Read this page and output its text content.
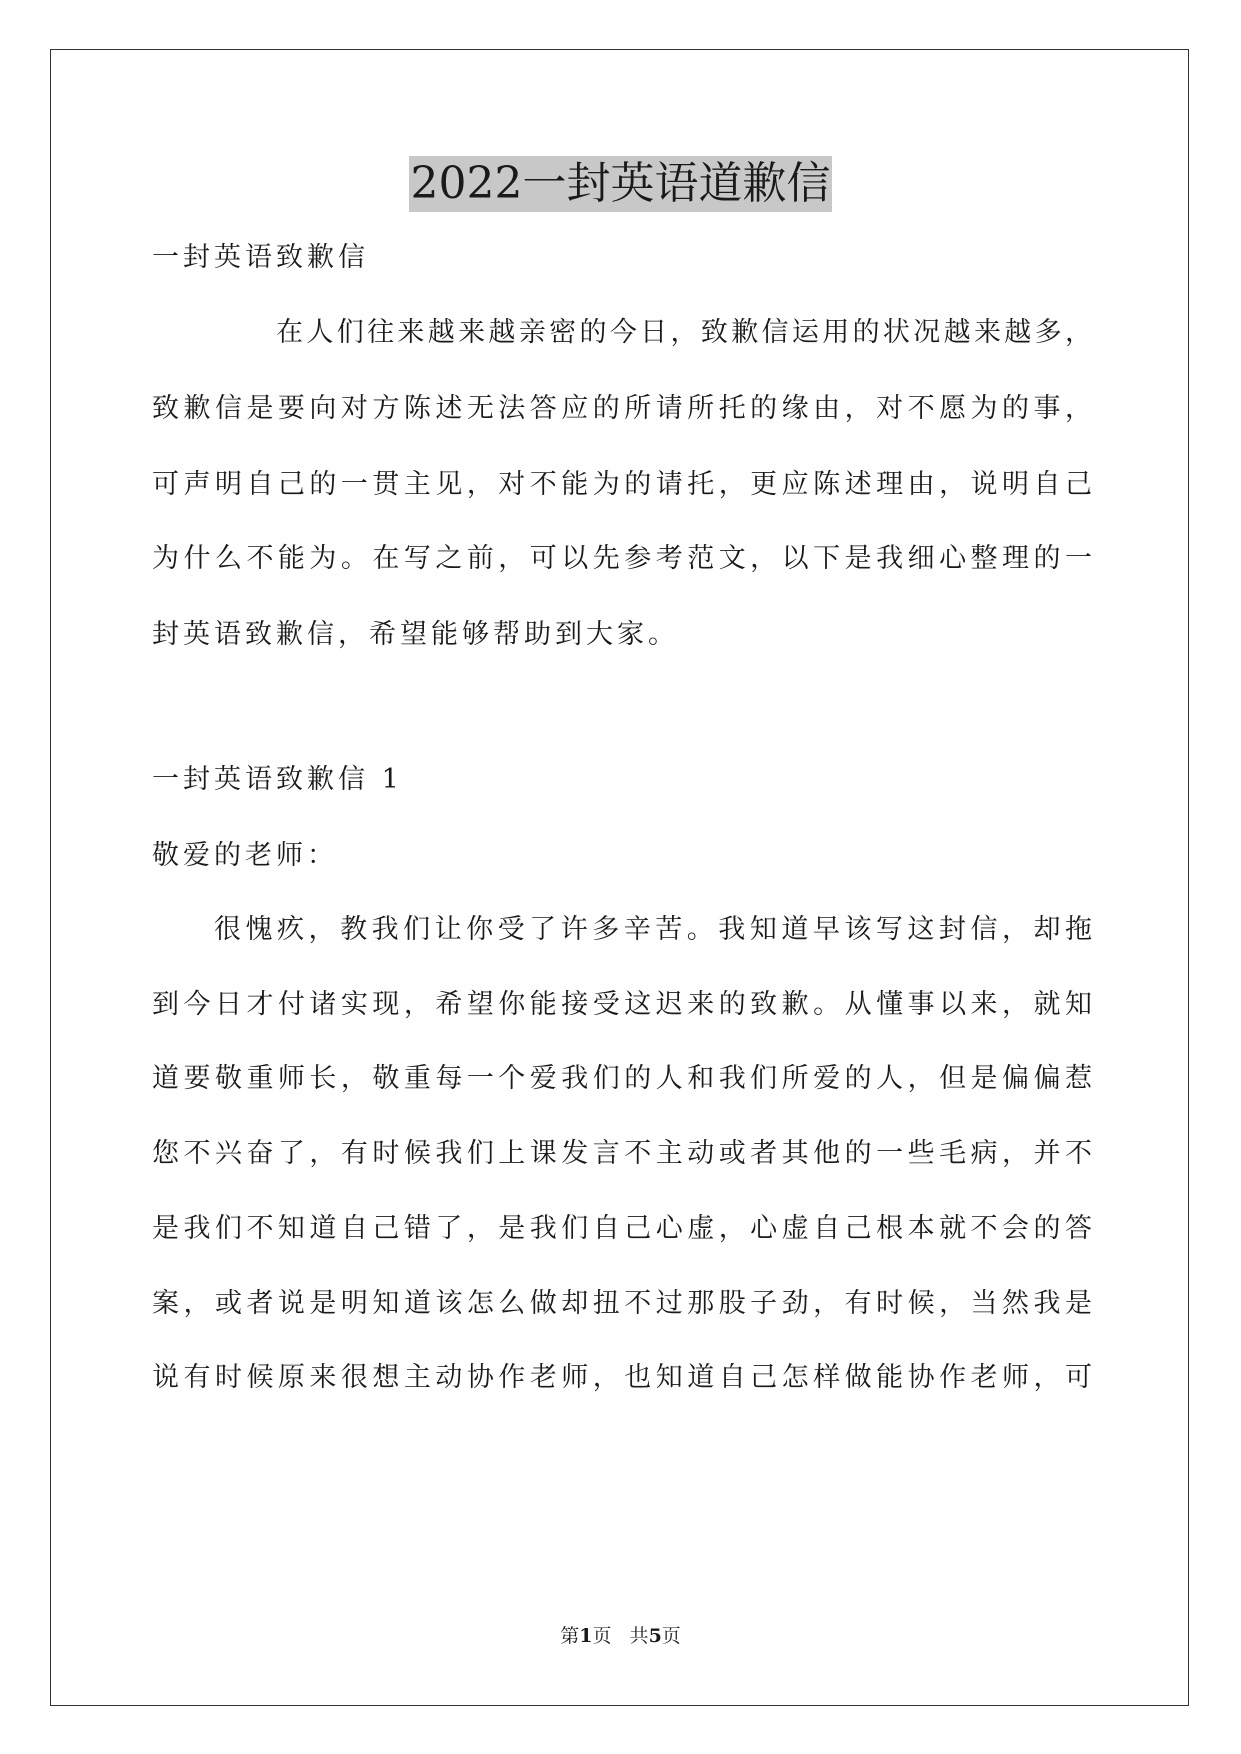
2022一封英语道歉信
一封英语致歉信
在人们往来越来越亲密的今日，致歉信运用的状况越来越多，
致歉信是要向对方陈述无法答应的所请所托的缘由，对不愿为的事，
可声明自己的一贯主见，对不能为的请托，更应陈述理由，说明自己
为什么不能为。在写之前，可以先参考范文，以下是我细心整理的一
封英语致歉信，希望能够帮助到大家。
一封英语致歉信 1
敬爱的老师：
很愧疚，教我们让你受了许多辛苦。我知道早该写这封信，却拖
到今日才付诸实现，希望你能接受这迟来的致歉。从懂事以来，就知
道要敬重师长，敬重每一个爱我们的人和我们所爱的人，但是偏偏惹
您不兴奋了，有时候我们上课发言不主动或者其他的一些毛病，并不
是我们不知道自己错了，是我们自己心虚，心虚自己根本就不会的答
案，或者说是明知道该怎么做却扭不过那股子劲，有时候，当然我是
说有时候原来很想主动协作老师，也知道自己怎样做能协作老师，可
第1页   共5页
